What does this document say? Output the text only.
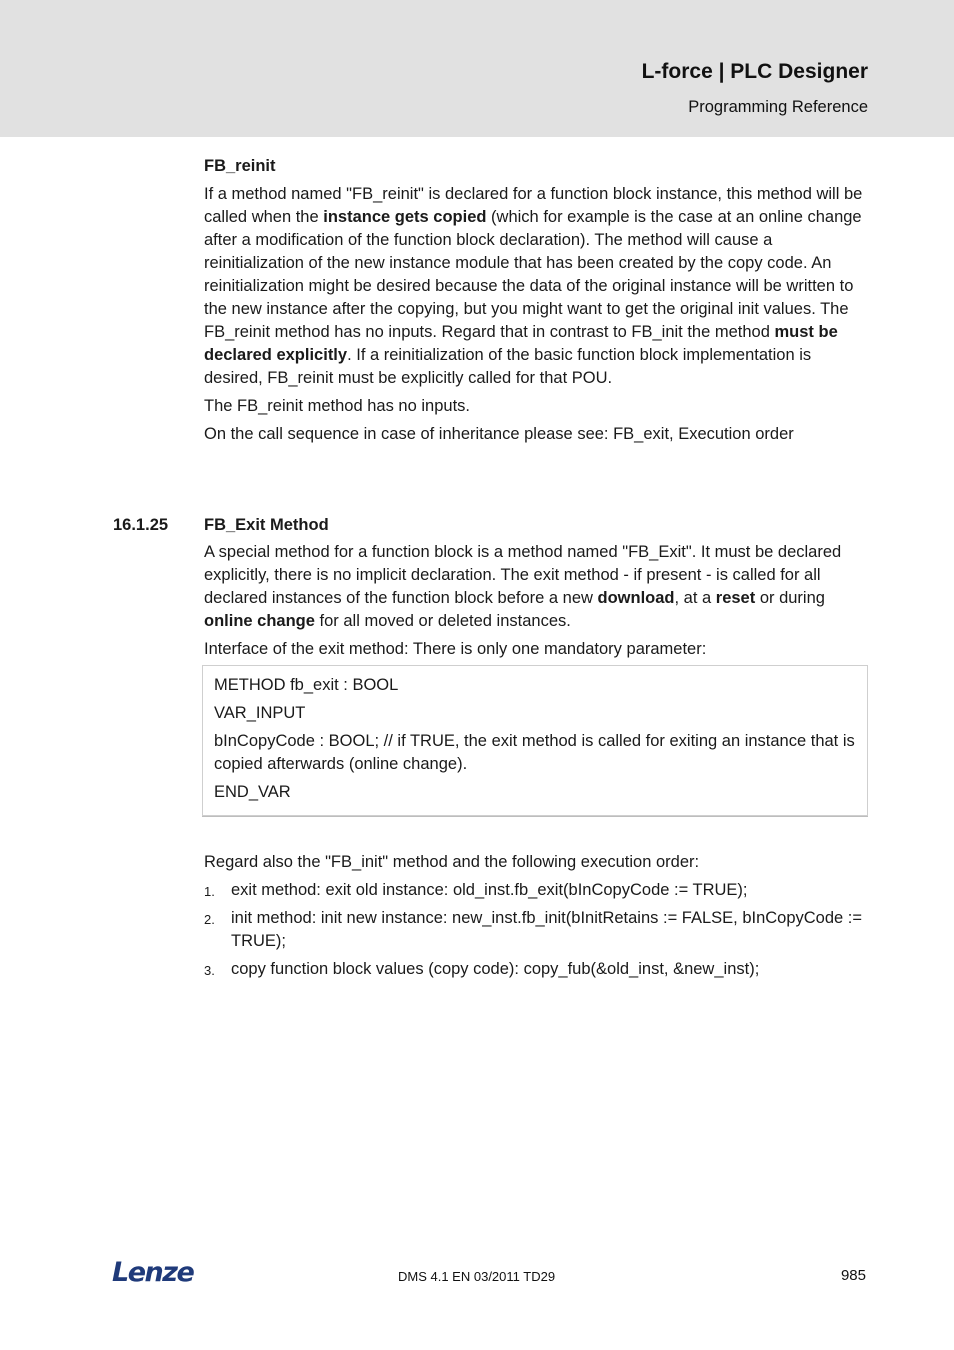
L-force | PLC Designer
Programming Reference
FB_reinit

If a method named "FB_reinit" is declared for a function block instance, this method will be called when the instance gets copied (which for example is the case at an online change after a modification of the function block declaration). The method will cause a reinitialization of the new instance module that has been created by the copy code. An reinitialization might be desired because the data of the original instance will be written to the new instance after the copying, but you might want to get the original init values. The FB_reinit method has no inputs. Regard that in contrast to FB_init the method must be declared explicitly. If a reinitialization of the basic function block implementation is desired, FB_reinit must be explicitly called for that POU.

The FB_reinit method has no inputs.

On the call sequence in case of inheritance please see: FB_exit, Execution order

16.1.25 FB_Exit Method

A special method for a function block is a method named "FB_Exit". It must be declared explicitly, there is no implicit declaration. The exit method - if present - is called for all declared instances of the function block before a new download, at a reset or during online change for all moved or deleted instances.

Interface of the exit method: There is only one mandatory parameter:

METHOD fb_exit : BOOL
VAR_INPUT
bInCopyCode : BOOL; // if TRUE, the exit method is called for exiting an instance that is copied afterwards (online change).
END_VAR

Regard also the "FB_init" method and the following execution order:

1. exit method: exit old instance: old_inst.fb_exit(bInCopyCode := TRUE);
2. init method: init new instance: new_inst.fb_init(bInitRetains := FALSE, bInCopyCode := TRUE);
3. copy function block values (copy code): copy_fub(&old_inst, &new_inst);
Lenze	DMS 4.1 EN 03/2011 TD29	985
